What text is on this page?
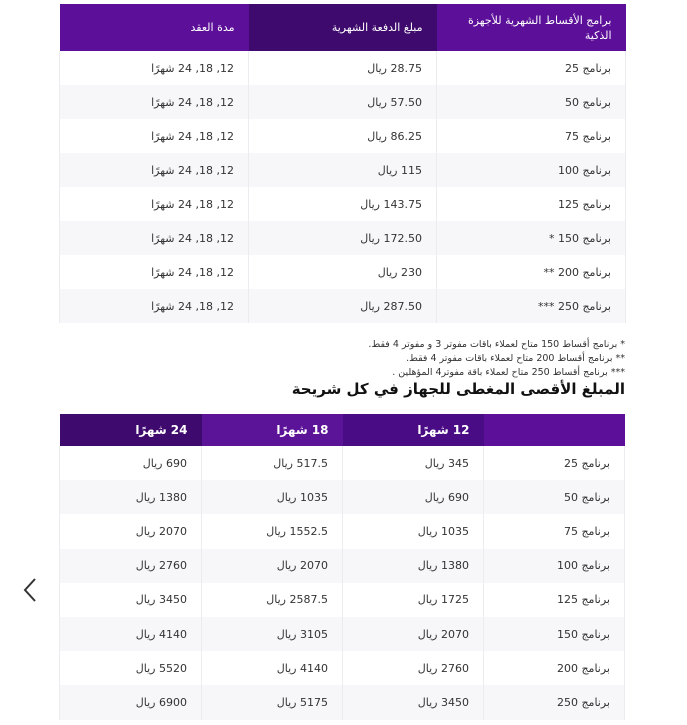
برامج الأقساط الشهرية للأجهزة الذكية	مبلغ الدفعة الشهرية	مدة العقد
برنامج 25	28.75 ريال	12, 18, 24 شهرًا
برنامج 50	57.50 ريال	12, 18, 24 شهرًا
برنامج 75	86.25 ريال	12, 18, 24 شهرًا
برنامج 100	115 ريال	12, 18, 24 شهرًا
برنامج 125	143.75 ريال	12, 18, 24 شهرًا
برنامج 150 *	172.50 ريال	12, 18, 24 شهرًا
برنامج 200 **	230 ريال	12, 18, 24 شهرًا
برنامج 250 ***	287.50 ريال	12, 18, 24 شهرًا
* برنامج أقساط 150 متاح لعملاء باقات مفوتر 3 و مفوتر 4 فقط.
** برنامج أقساط 200 متاح لعملاء باقات مفوتر 4 فقط.
*** برنامج أقساط 250 متاح لعملاء باقة مفوتر4 المؤهلين .
المبلغ الأقصى المغطى للجهاز في كل شريحة
	12 شهرًا	18 شهرًا	24 شهرًا
برنامج 25	345 ريال	517.5 ريال	690 ريال
برنامج 50	690 ريال	1035 ريال	1380 ريال
برنامج 75	1035 ريال	1552.5 ريال	2070 ريال
برنامج 100	1380 ريال	2070 ريال	2760 ريال
برنامج 125	1725 ريال	2587.5 ريال	3450 ريال
برنامج 150	2070 ريال	3105 ريال	4140 ريال
برنامج 200	2760 ريال	4140 ريال	5520 ريال
برنامج 250	3450 ريال	5175 ريال	6900 ريال
